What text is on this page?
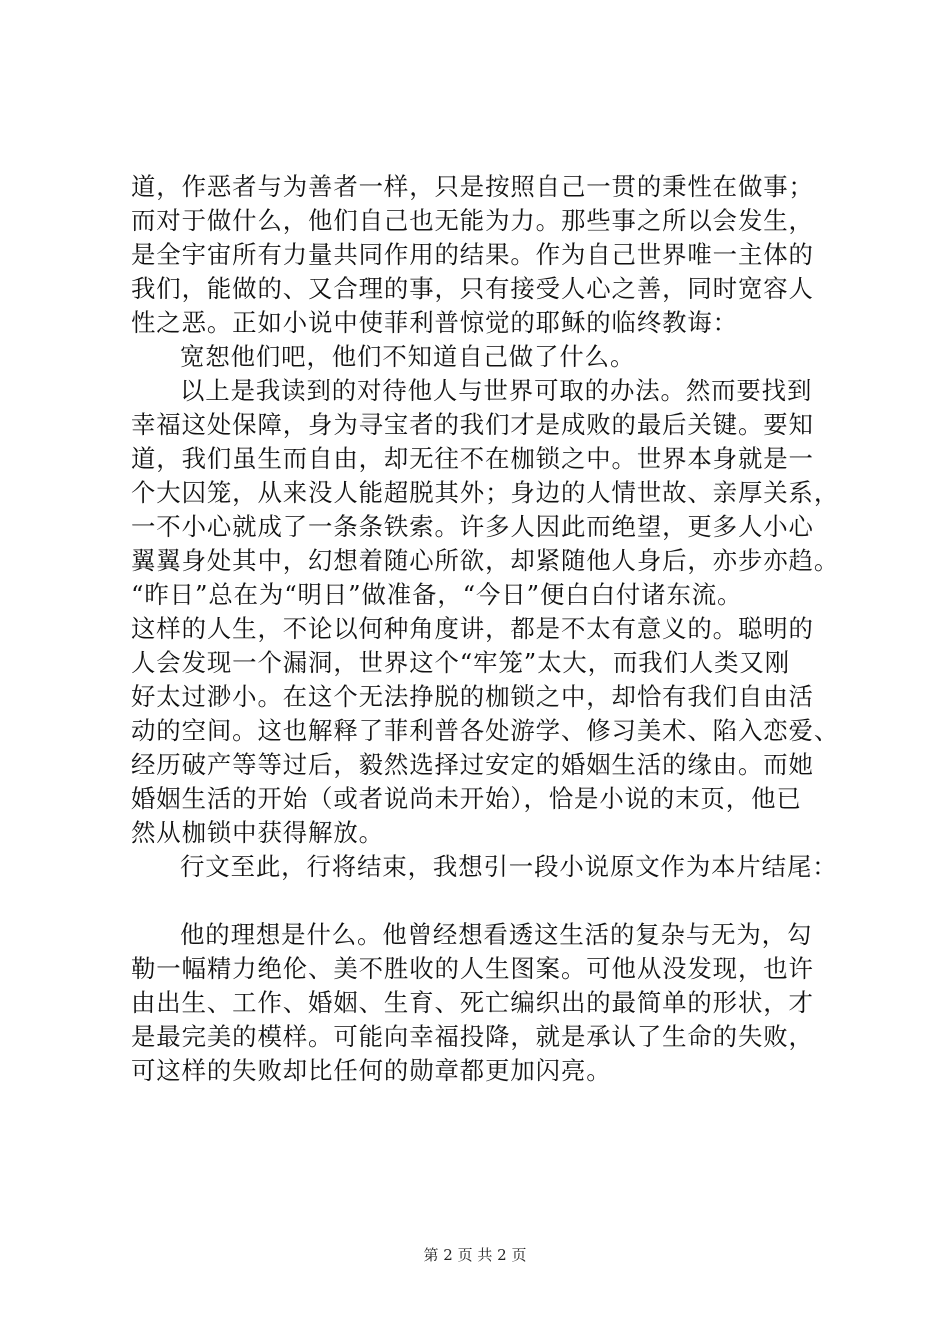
道，作恶者与为善者一样，只是按照自己一贯的秉性在做事；
而对于做什么，他们自己也无能为力。那些事之所以会发生，
是全宇宙所有力量共同作用的结果。作为自己世界唯一主体的
我们，能做的、又合理的事，只有接受人心之善，同时宽容人
性之恶。正如小说中使菲利普惊觉的耶稣的临终教诲：
宽恕他们吧，他们不知道自己做了什么。
以上是我读到的对待他人与世界可取的办法。然而要找到
幸福这处保障，身为寻宝者的我们才是成败的最后关键。要知
道，我们虽生而自由，却无往不在枷锁之中。世界本身就是一
个大囚笼，从来没人能超脱其外；身边的人情世故、亲厚关系，
一不小心就成了一条条铁索。许多人因此而绝望，更多人小心
翼翼身处其中，幻想着随心所欲，却紧随他人身后，亦步亦趋。
“昨日”总在为“明日”做准备，“今日”便白白付诸东流。
这样的人生，不论以何种角度讲，都是不太有意义的。聪明的
人会发现一个漏洞，世界这个“牢笼”太大，而我们人类又刚
好太过渺小。在这个无法挣脱的枷锁之中，却恰有我们自由活
动的空间。这也解释了菲利普各处游学、修习美术、陷入恋爱、
经历破产等等过后，毅然选择过安定的婚姻生活的缘由。而她
婚姻生活的开始（或者说尚未开始），恰是小说的末页，他已
然从枷锁中获得解放。
行文至此，行将结束，我想引一段小说原文作为本片结尾：
他的理想是什么。他曾经想看透这生活的复杂与无为，勾
勒一幅精力绝伦、美不胜收的人生图案。可他从没发现，也许
由出生、工作、婚姻、生育、死亡编织出的最简单的形状，才
是最完美的模样。可能向幸福投降，就是承认了生命的失败，
可这样的失败却比任何的勋章都更加闪亮。
第 2 页 共 2 页
